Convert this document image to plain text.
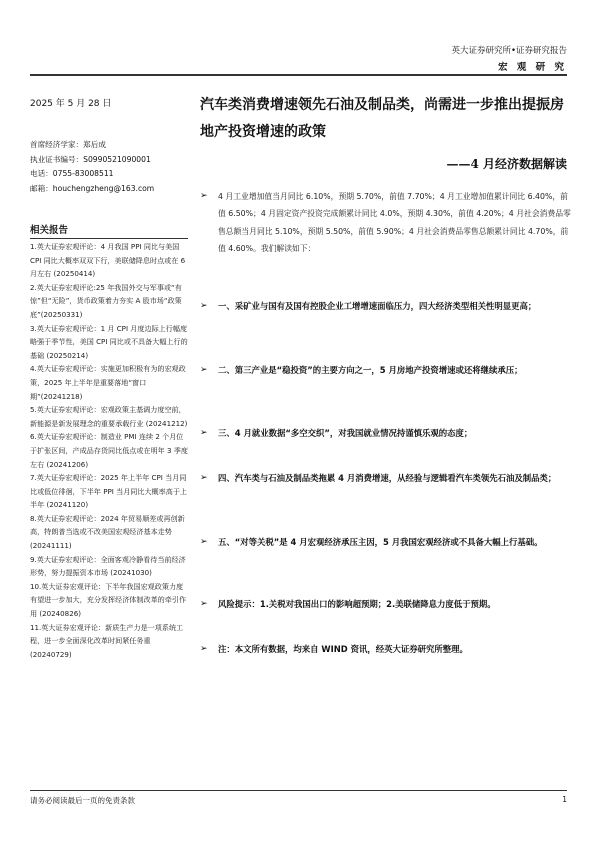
英大证券研究所•证券研究报告
宏 观 研 究
2025 年 5 月 28 日	汽车类消费增速领先石油及制品类，尚需进一步推出提振房地产投资增速的政策
——4 月经济数据解读
首席经济学家：郑后成
执业证书编号：S0990521090001
电话：0755-83008511
邮箱：houchengzheng@163.com
相关报告
1.英大证券宏观评论：4 月我国 PPI 同比与美国 CPI 同比大概率双双下行，美联储降息时点或在 6 月左右 (20250414)
2.英大证券宏观评论:25 年我国外交与军事或“有惊”但“无险”，货币政策着力夯实 A 股市场“政策底”(20250331)
3.英大证券宏观评论：1 月 CPI 月度边际上行幅度略强于季节性，美国 CPI 同比或不具备大幅上行的基础 (20250214)
4.英大证券宏观评论：实施更加积极有为的宏观政策，2025 年上半年是重要落地“窗口期”(20241218)
5.英大证券宏观评论：宏观政策主基调力度空前，新能源是新发展理念的重要承载行业 (20241212)
6.英大证券宏观评论：制造业 PMI 连续 2 个月位于扩张区间，产成品存货同比低点或在明年 3 季度左右 (20241206)
7.英大证券宏观评论：2025 年上半年 CPI 当月同比或低位徘徊，下半年 PPI 当月同比大概率高于上半年 (20241120)
8.英大证券宏观评论：2024 年贸易顺差或再创新高，特朗普当选或不改美国宏观经济基本走势 (20241111)
9.英大证券宏观评论：全面客观冷静看待当前经济形势，努力提振资本市场 (20241030)
10.英大证券宏观评论：下半年我国宏观政策力度有望进一步加大，充分发挥经济体制改革的牵引作用 (20240826)
11.英大证券宏观评论：新质生产力是一项系统工程，进一步全面深化改革时间紧任务重 (20240729)
➢	4 月工业增加值当月同比 6.10%，预期 5.70%，前值 7.70%；4 月工业增加值累计同比 6.40%，前值 6.50%；4 月固定资产投资完成额累计同比 4.0%，预期 4.30%，前值 4.20%；4 月社会消费品零售总额当月同比 5.10%，预期 5.50%，前值 5.90%；4 月社会消费品零售总额累计同比 4.70%，前值 4.60%。我们解读如下：
➢	一、采矿业与国有及国有控股企业工增增速面临压力，四大经济类型相关性明显更高；
➢	二、第三产业是“稳投资”的主要方向之一，5 月房地产投资增速或还将继续承压；
➢	三、4 月就业数据“多空交织”，对我国就业情况持谨慎乐观的态度；
➢	四、汽车类与石油及制品类拖累 4 月消费增速，从经验与逻辑看汽车类领先石油及制品类；
➢	五、“对等关税”是 4 月宏观经济承压主因，5 月我国宏观经济或不具备大幅上行基础。
➢	风险提示：1.关税对我国出口的影响超预期；2.美联储降息力度低于预期。
➢	注：本文所有数据，均来自 WIND 资讯，经英大证券研究所整理。
请务必阅读最后一页的免责条款	1
